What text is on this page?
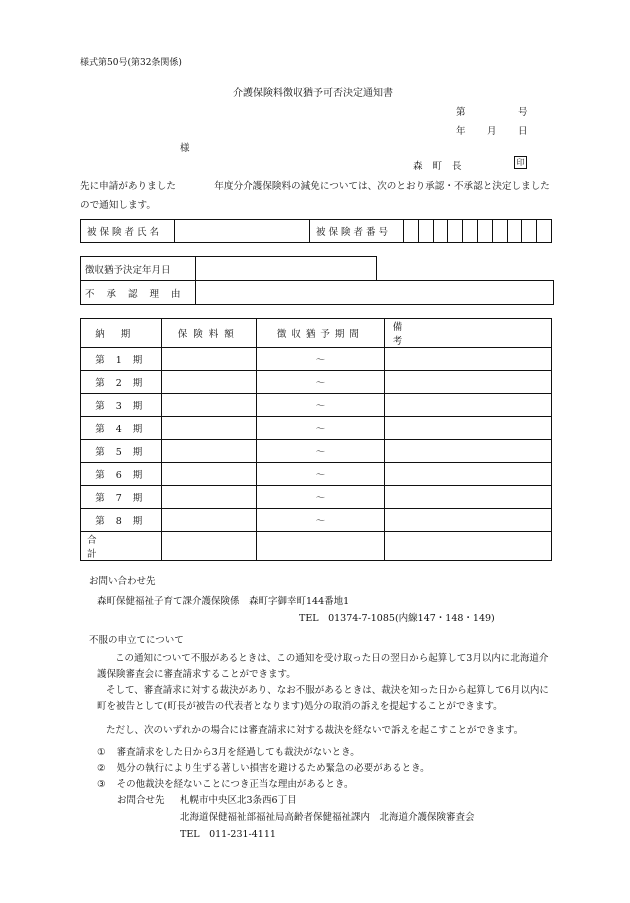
様式第50号(第32条関係)
介護保険料徴収猶予可否決定通知書
第	号
年 月 日
様
森町長	印
先に申請がありました　　　　年度分介護保険料の減免については、次のとおり承認・不承認と決定しましたので通知します。
被保険者氏名		被保険者番号										
徴収猶予決定年月日		
不承認理由		
納期	保険料額	徴収猶予期間	備考
第 1 期		～	
第 2 期		～	
第 3 期		～	
第 4 期		～	
第 5 期		～	
第 6 期		～	
第 7 期		～	
第 8 期		～	
合計			
お問い合わせ先
森町保健福祉子育て課介護保険係　森町字御幸町144番地1
TEL　01374-7-1085(内線147・148・149)
不服の申立てについて
この通知について不服があるときは、この通知を受け取った日の翌日から起算して3月以内に北海道介護保険審査会に審査請求することができます。
そして、審査請求に対する裁決があり、なお不服があるときは、裁決を知った日から起算して6月以内に町を被告として(町長が被告の代表者となります)処分の取消の訴えを提起することができます。
ただし、次のいずれかの場合には審査請求に対する裁決を経ないで訴えを起こすことができます。
① 審査請求をした日から3月を経過しても裁決がないとき。
② 処分の執行により生ずる著しい損害を避けるため緊急の必要があるとき。
③ その他裁決を経ないことにつき正当な理由があるとき。
お問合せ先 札幌市中央区北3条西6丁目
北海道保健福祉部福祉局高齢者保健福祉課内　北海道介護保険審査会
TEL　011-231-4111
